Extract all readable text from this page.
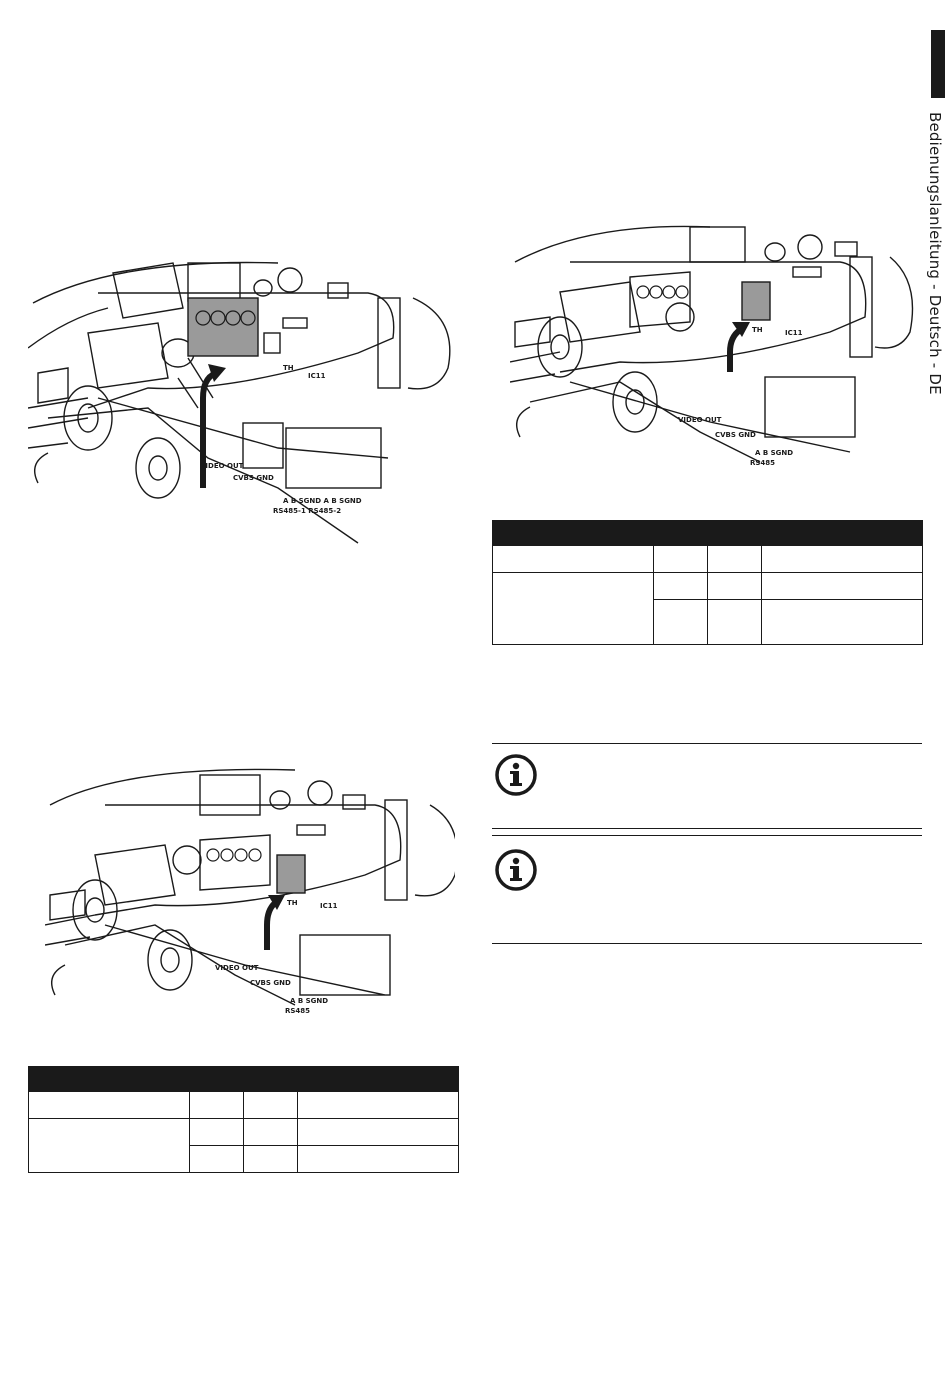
Bedienungslanleitung - Deutsch - DE
VIDEO OUT
CVBS GND
A B SGND A B SGND
RS485-1 RS485-2
IC11
TH
VIDEO OUT
CVBS GND
A B SGND
RS485
IC11
TH

VIDEO OUT
CVBS GND
A B SGND
RS485
IC11
TH
